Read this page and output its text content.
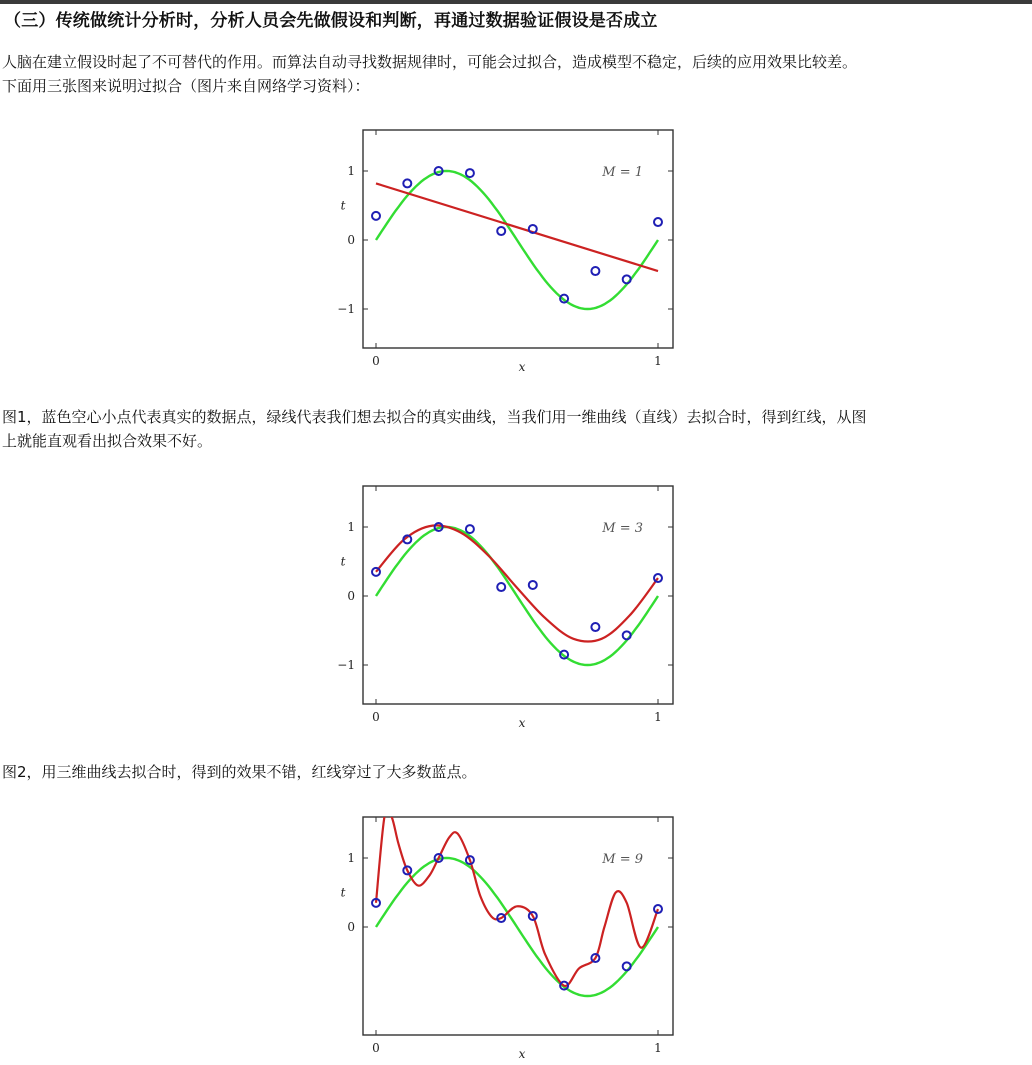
（三）传统做统计分析时，分析人员会先做假设和判断，再通过数据验证假设是否成立
人脑在建立假设时起了不可替代的作用。而算法自动寻找数据规律时，可能会过拟合，造成模型不稳定，后续的应用效果比较差。
下面用三张图来说明过拟合（图片来自网络学习资料）：
1
0
−1
0	1
t
x
M = 1
图1，蓝色空心小点代表真实的数据点，绿线代表我们想去拟合的真实曲线，当我们用一维曲线（直线）去拟合时，得到红线，从图
上就能直观看出拟合效果不好。
1
0
−1
0	1
t
x
M = 3
图2，用三维曲线去拟合时，得到的效果不错，红线穿过了大多数蓝点。
1
0
0	1
t
x
M = 9
